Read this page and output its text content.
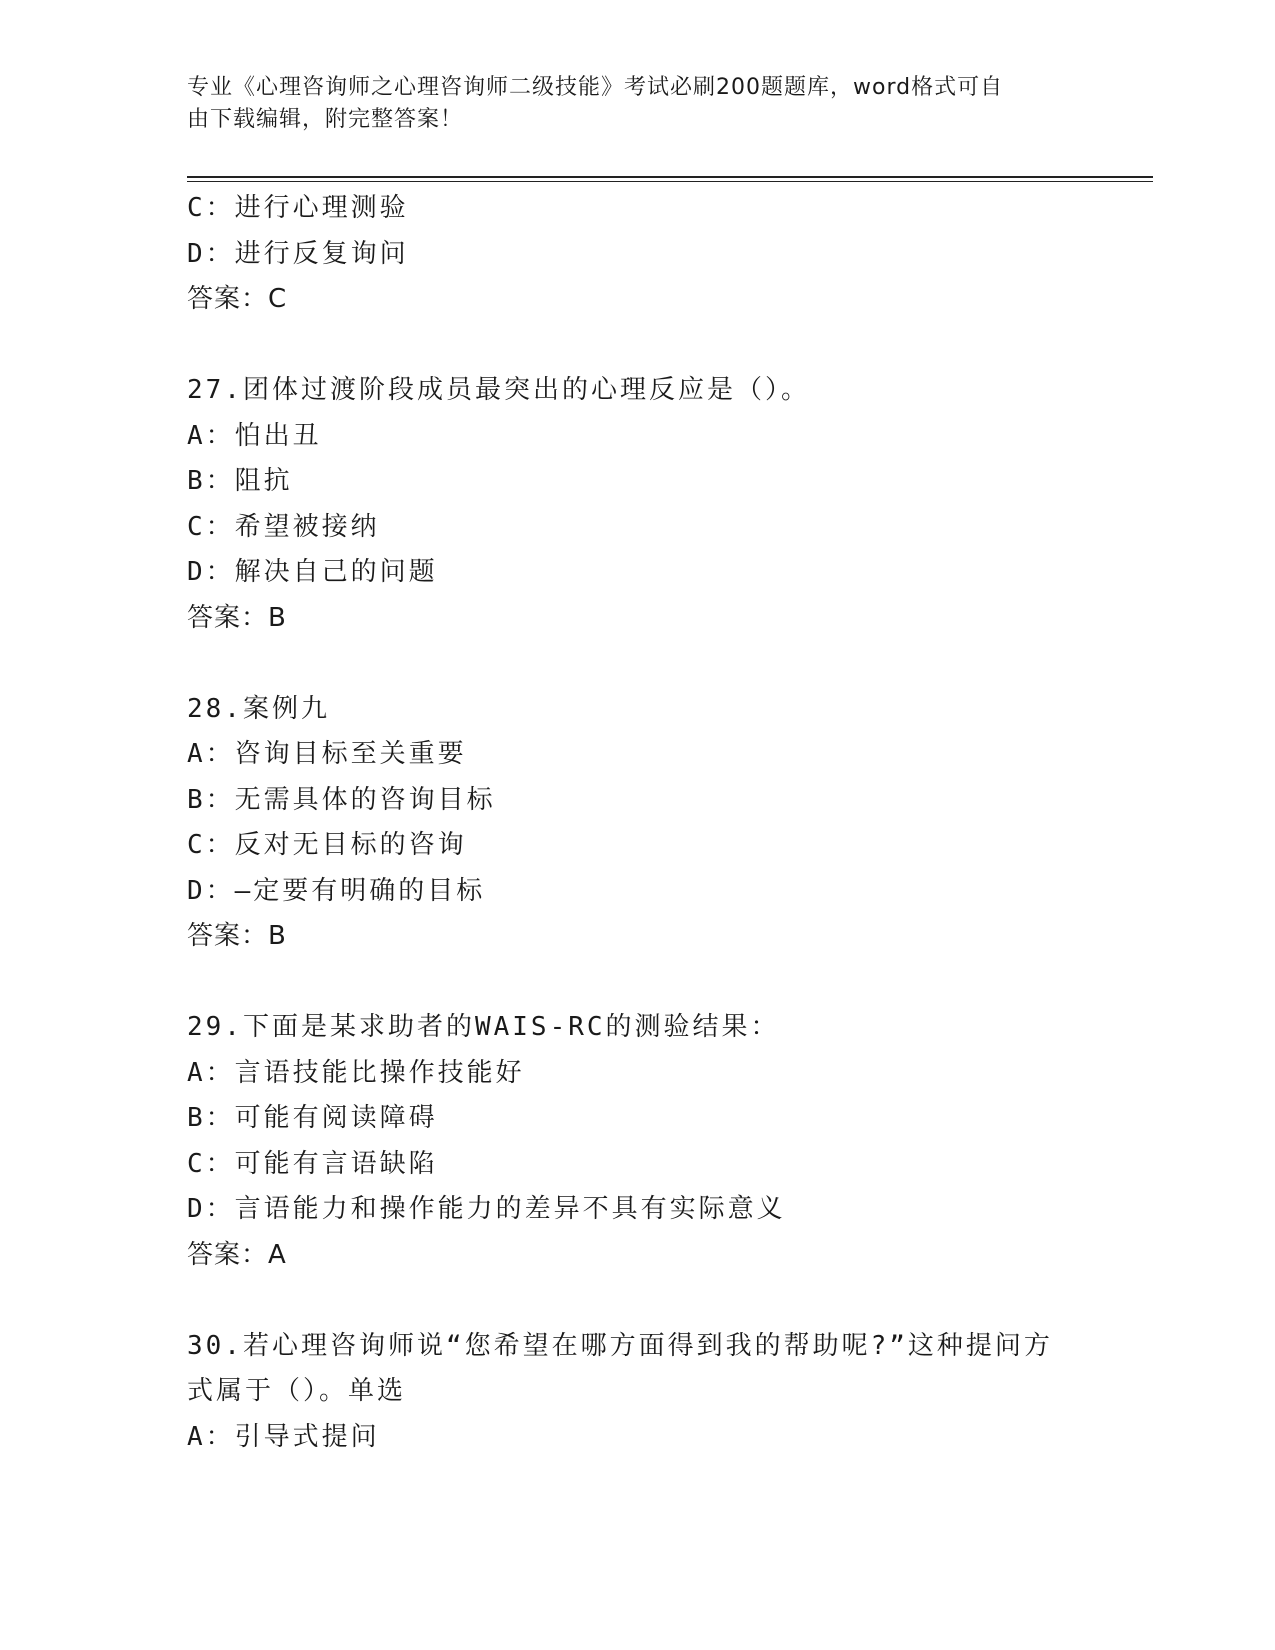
专业《心理咨询师之心理咨询师二级技能》考试必刷200题题库，word格式可自
由下载编辑，附完整答案！
C：进行心理测验
D：进行反复询问
答案：C
27.团体过渡阶段成员最突出的心理反应是（）。
A：怕出丑
B：阻抗
C：希望被接纳
D：解决自己的问题
答案：B
28.案例九
A：咨询目标至关重要
B：无需具体的咨询目标
C：反对无目标的咨询
D：—定要有明确的目标
答案：B
29.下面是某求助者的WAIS-RC的测验结果：
A：言语技能比操作技能好
B：可能有阅读障碍
C：可能有言语缺陷
D：言语能力和操作能力的差异不具有实际意义
答案：A
30.若心理咨询师说“您希望在哪方面得到我的帮助呢?”这种提问方
式属于（）。单选
A：引导式提问
